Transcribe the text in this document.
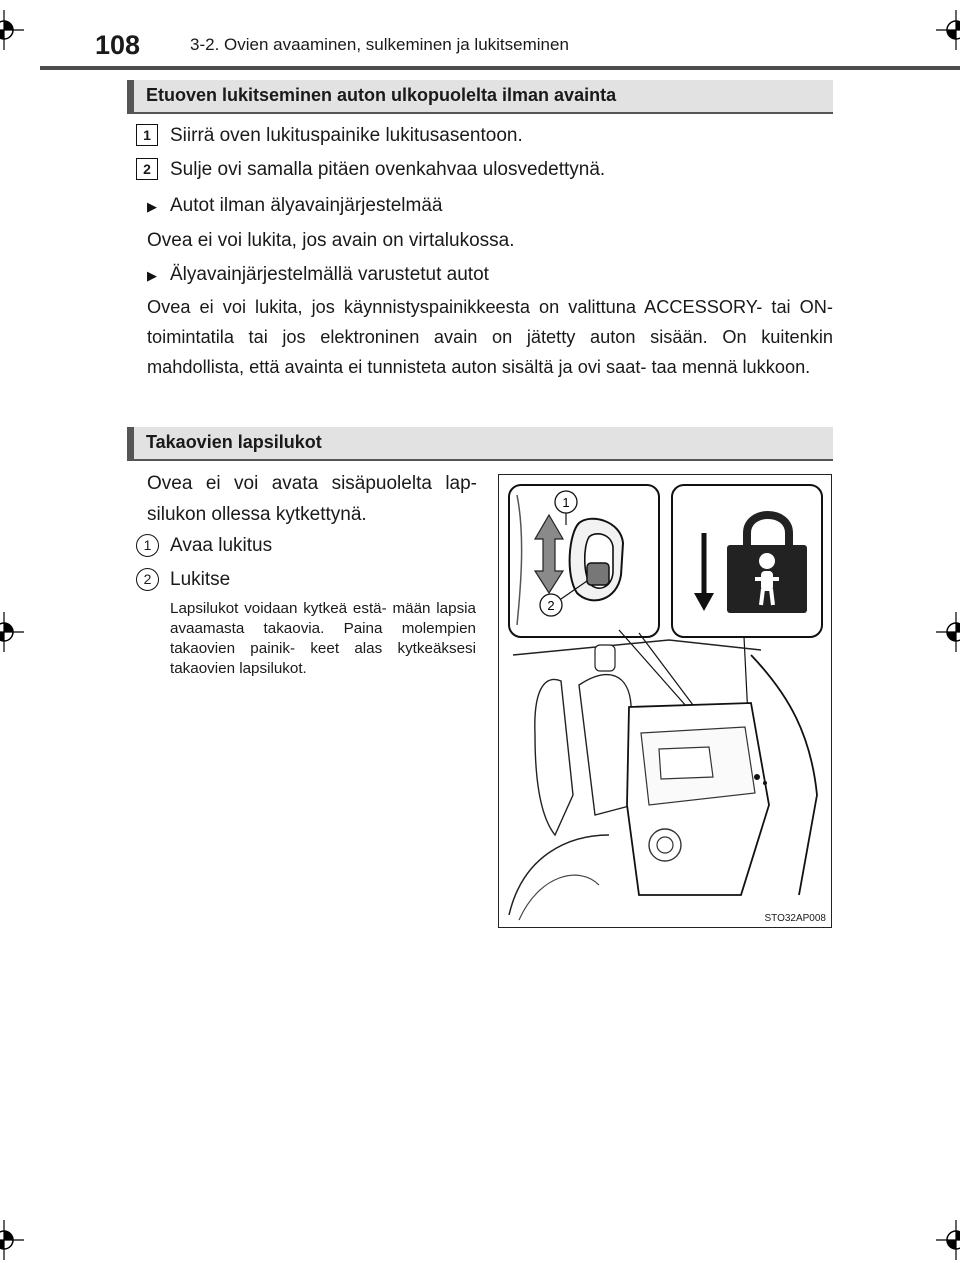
108	3-2. Ovien avaaminen, sulkeminen ja lukitseminen
Etuoven lukitseminen auton ulkopuolelta ilman avainta
1	Siirrä oven lukituspainike lukitusasentoon.
2	Sulje ovi samalla pitäen ovenkahvaa ulosvedettynä.
▶ Autot ilman älyavainjärjestelmää
Ovea ei voi lukita, jos avain on virtalukossa.
▶ Älyavainjärjestelmällä varustetut autot
Ovea ei voi lukita, jos käynnistyspainikkeesta on valittuna ACCESSORY- tai ON-toimintatila tai jos elektroninen avain on jätetty auton sisään. On kuitenkin mahdollista, että avainta ei tunnisteta auton sisältä ja ovi saat- taa mennä lukkoon.
Takaovien lapsilukot
Ovea ei voi avata sisäpuolelta lap- silukon ollessa kytkettynä.
1 Avaa lukitus
2 Lukitse
Lapsilukot voidaan kytkeä estä- mään lapsia avaamasta takaovia. Paina molempien takaovien painik- keet alas kytkeäksesi takaovien lapsilukot.
1
2
STO32AP008
